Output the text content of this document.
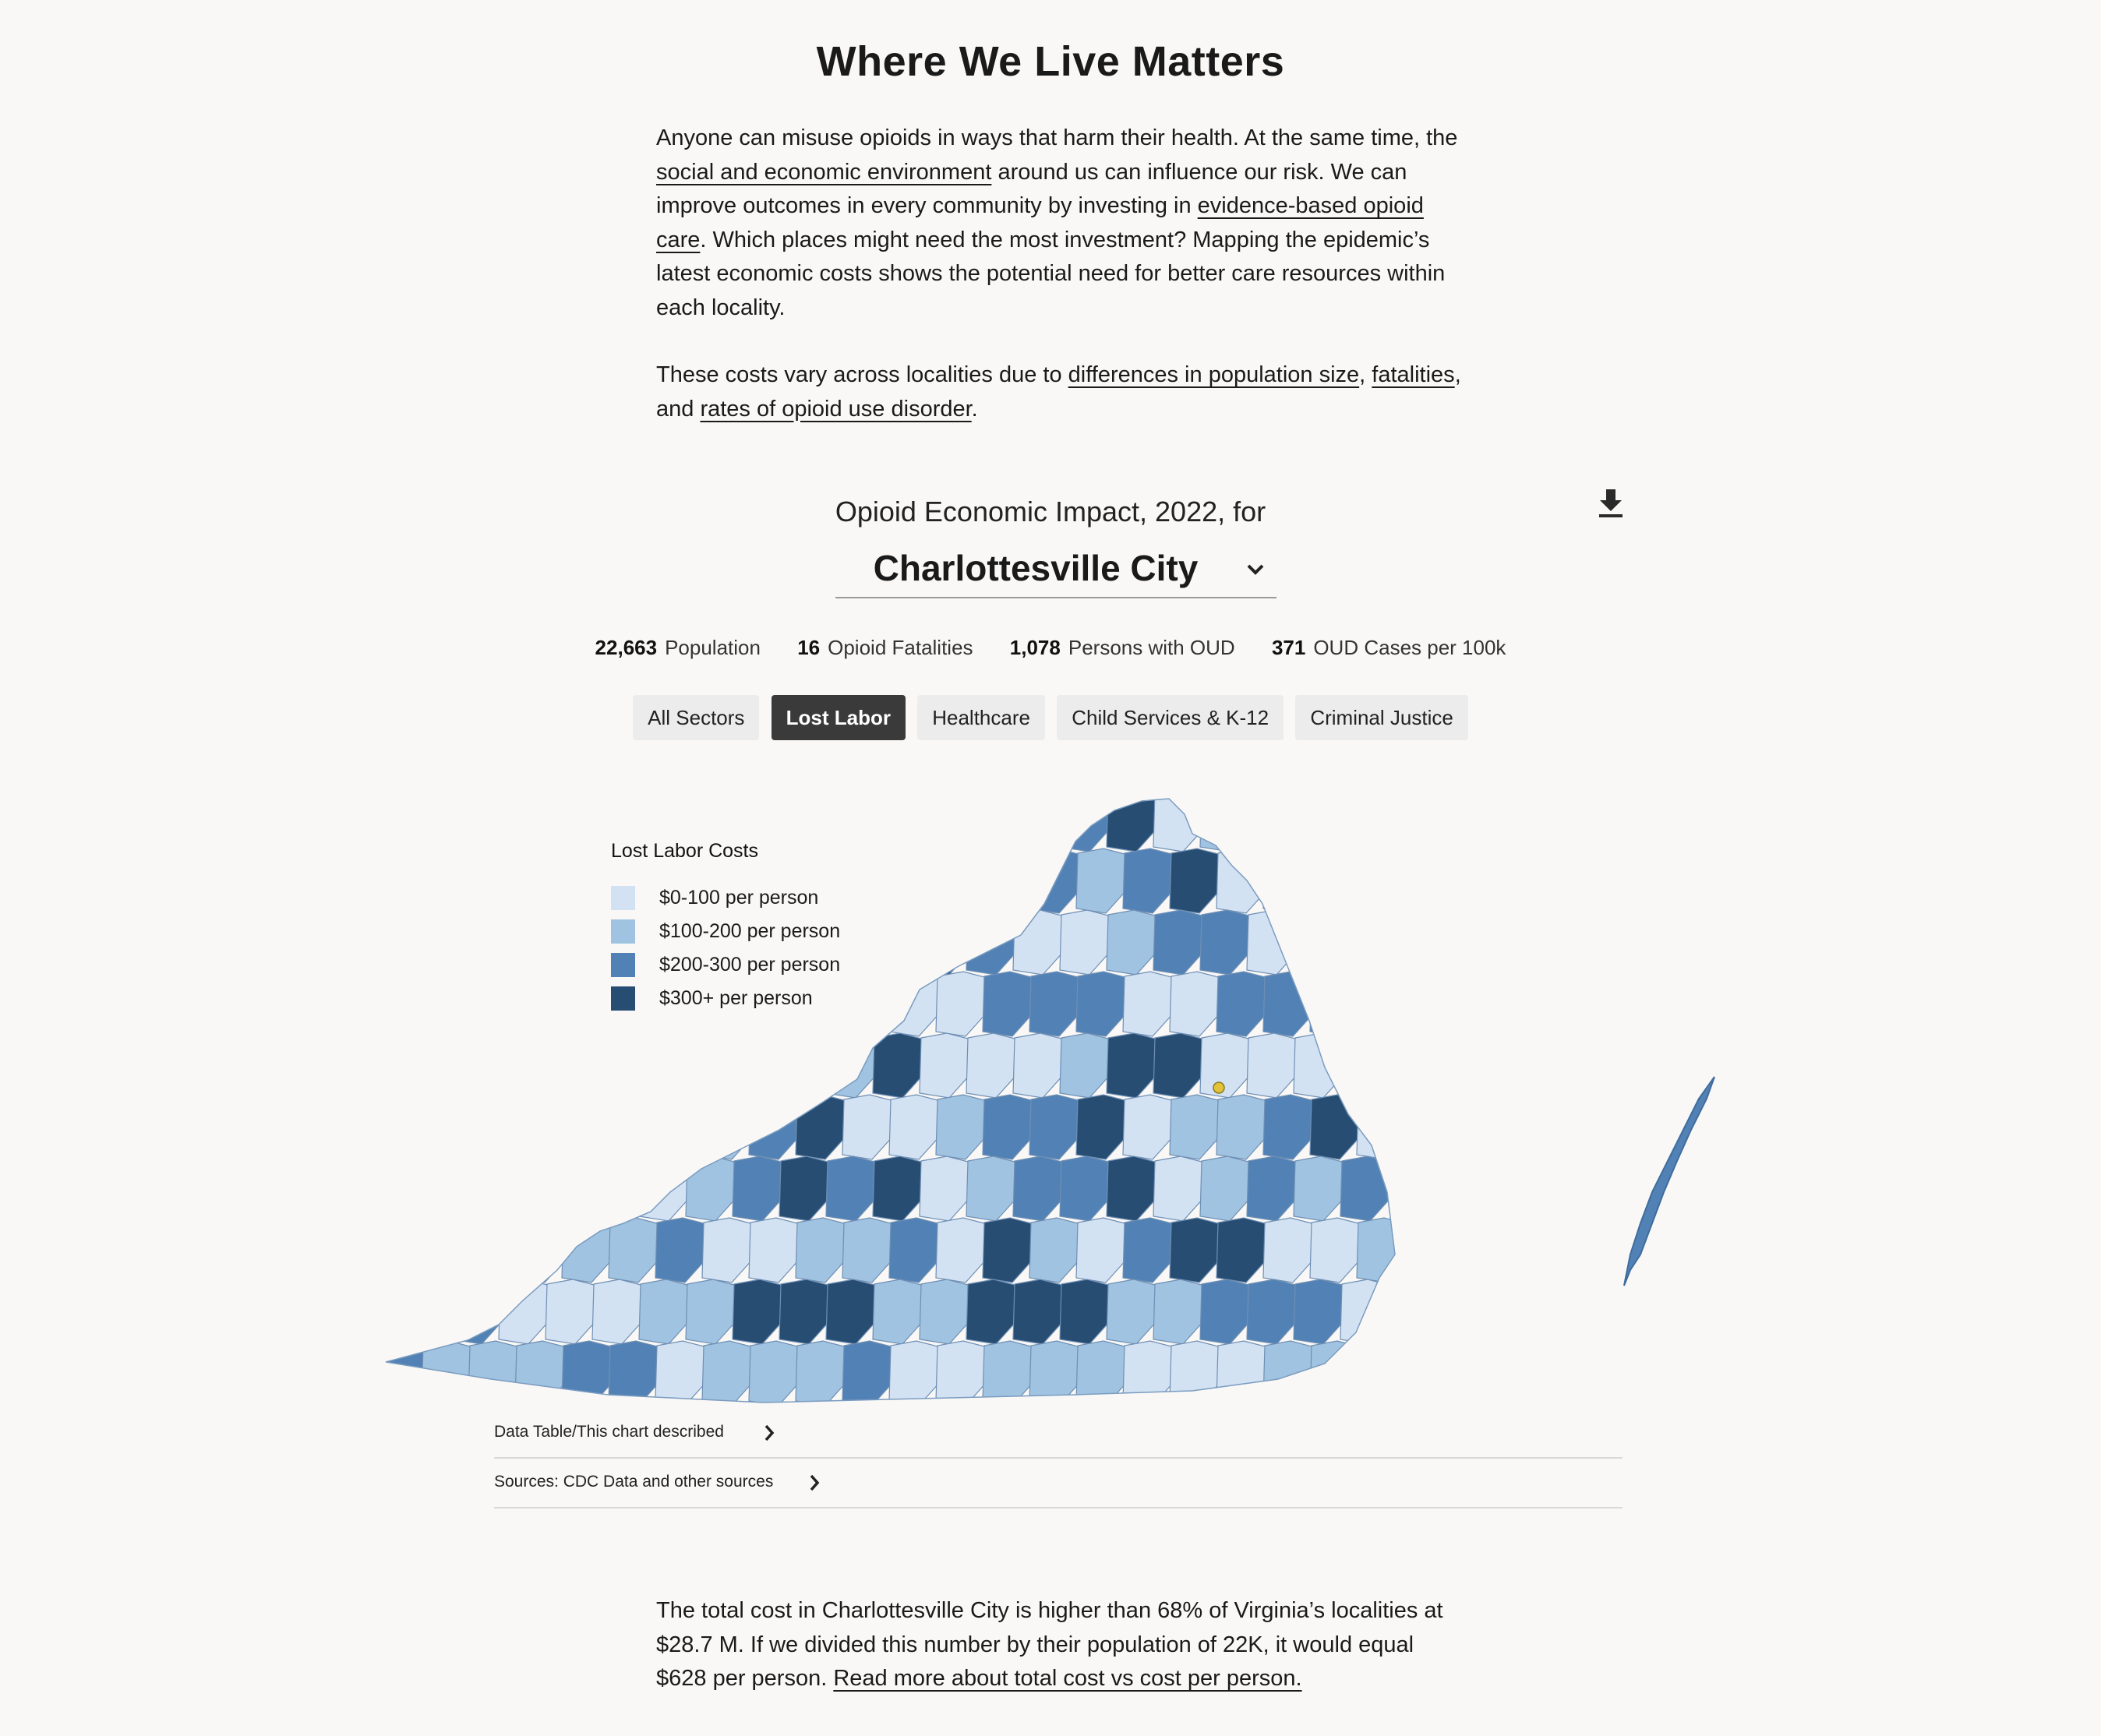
Where We Live Matters

Anyone can misuse opioids in ways that harm their health. At the same time, the social and economic environment around us can influence our risk. We can improve outcomes in every community by investing in evidence-based opioid care. Which places might need the most investment? Mapping the epidemic’s latest economic costs shows the potential need for better care resources within each locality.

These costs vary across localities due to differences in population size, fatalities, and rates of opioid use disorder.

Opioid Economic Impact, 2022, for
Charlottesville City
22,663 Population 16 Opioid Fatalities 1,078 Persons with OUD 371 OUD Cases per 100k
All Sectors Lost Labor Healthcare Child Services & K-12 Criminal Justice
Lost Labor Costs
$0-100 per person
$100-200 per person
$200-300 per person
$300+ per person
Data Table/This chart described
Sources: CDC Data and other sources

The total cost in Charlottesville City is higher than 68% of Virginia’s localities at $28.7 M. If we divided this number by their population of 22K, it would equal $628 per person. Read more about total cost vs cost per person.
